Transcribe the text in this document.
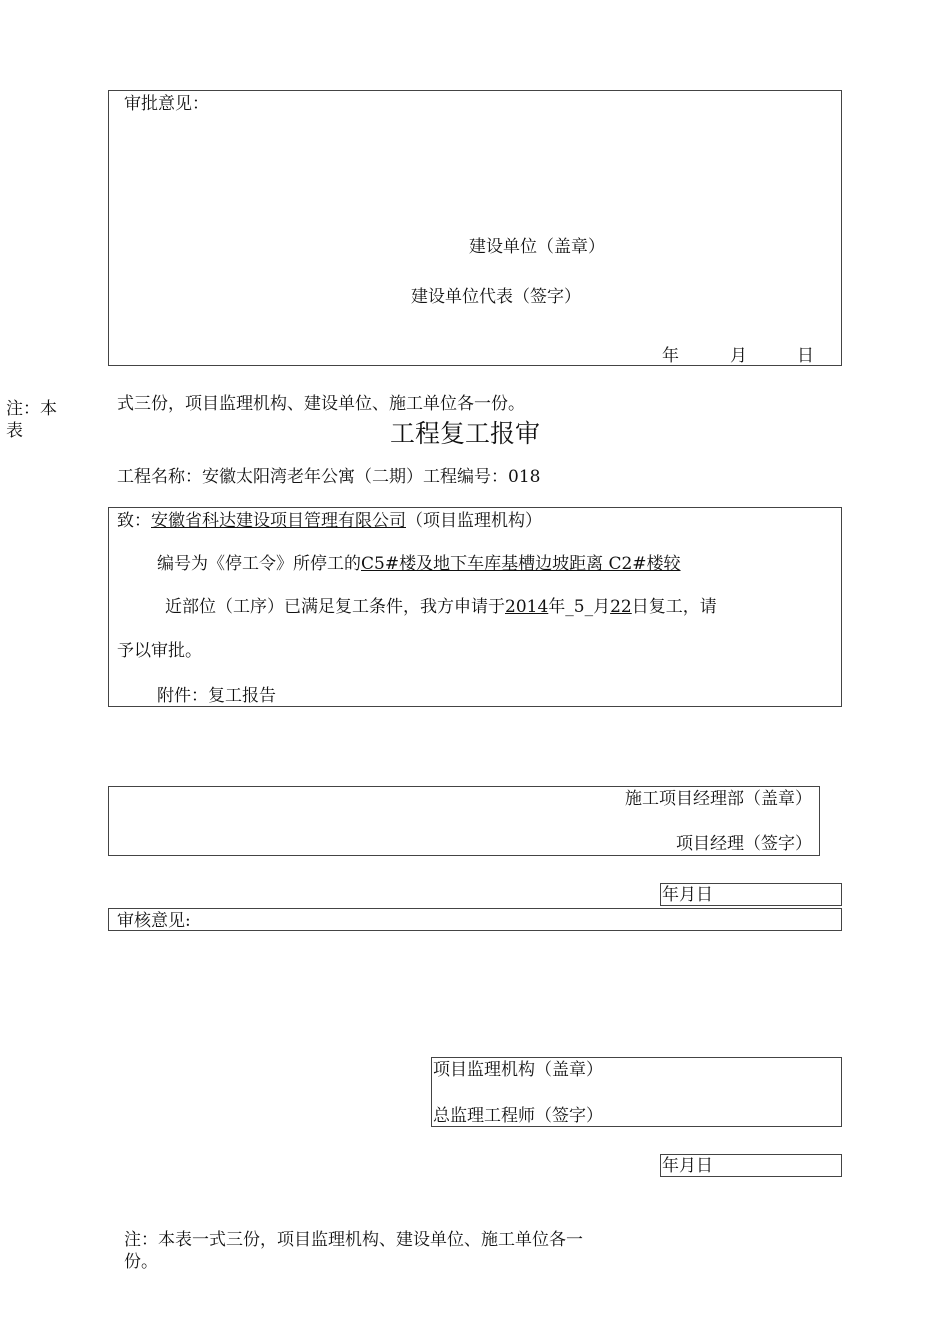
审批意见：
建设单位（盖章）
建设单位代表（签字）
年	月	日
注：本
表
式三份，项目监理机构、建设单位、施工单位各一份。
工程复工报审
工程名称：安徽太阳湾老年公寓（二期）工程编号：018
致：安徽省科达建设项目管理有限公司（项目监理机构）
编号为《停工令》所停工的C5#楼及地下车库基槽边坡距离 C2#楼较
近部位（工序）已满足复工条件，我方申请于2014年_5_月22日复工，请
予以审批。
附件：复工报告
施工项目经理部（盖章）
项目经理（签字）
年月日
审核意见:
项目监理机构（盖章）
总监理工程师（签字）
年月日
注：本表一式三份，项目监理机构、建设单位、施工单位各一
份。
